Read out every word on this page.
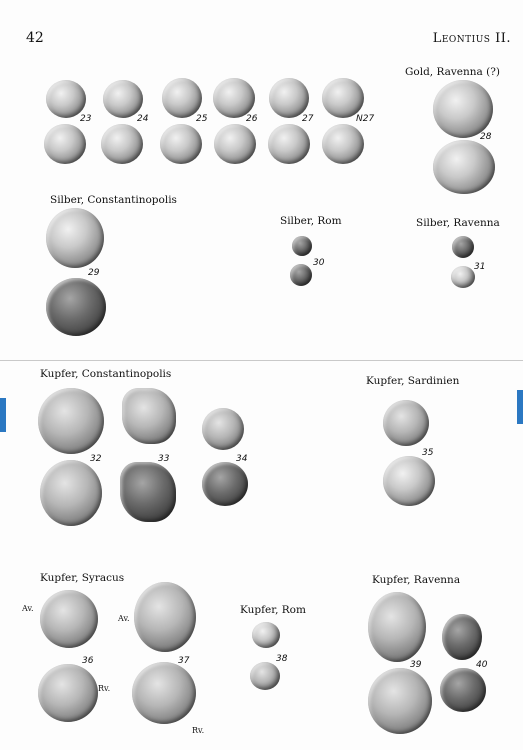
42	Leontius II.
23	24	25	26	27	N27
Gold, Ravenna (?)
28
Silber, Constantinopolis
29
Silber, Rom
30
Silber, Ravenna
31
Kupfer, Constantinopolis
32	33	34
Kupfer, Sardinien
35
Kupfer, Syracus
Av.
36
Rv.
Av.
37
Rv.
Kupfer, Rom
38
Kupfer, Ravenna
39	40
